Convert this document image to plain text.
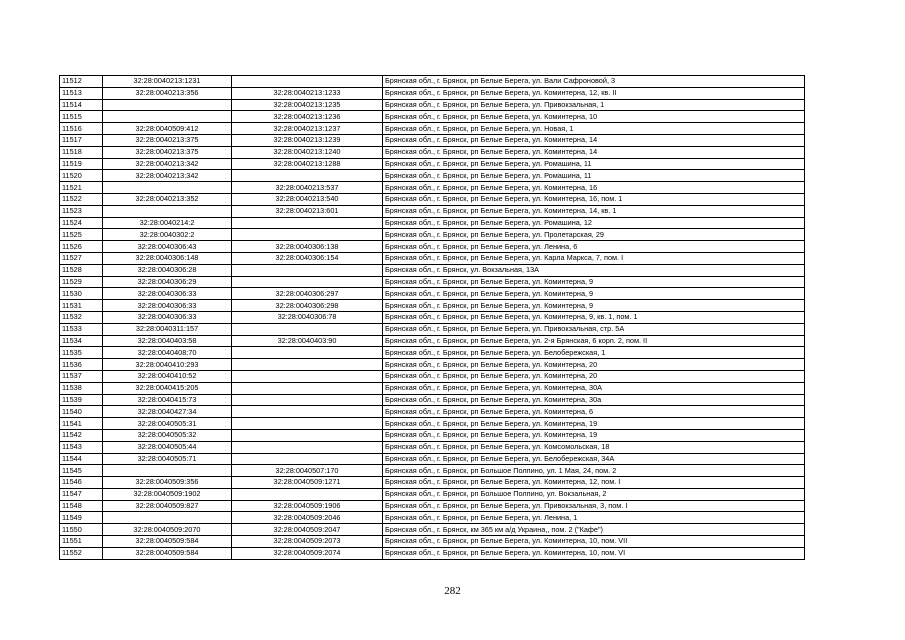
11512	32:28:0040213:1231		Брянская обл., г. Брянск, рп Белые Берега, ул. Вали Сафроновой, 3
11513	32:28:0040213:356	32:28:0040213:1233	Брянская обл., г. Брянск, рп Белые Берега, ул. Коминтерна, 12, кв. II
11514		32:28:0040213:1235	Брянская обл., г. Брянск, рп Белые Берега, ул. Привокзальная, 1
11515		32:28:0040213:1236	Брянская обл., г. Брянск, рп Белые Берега, ул. Коминтерна, 10
11516	32:28:0040509:412	32:28:0040213:1237	Брянская обл., г. Брянск, рп Белые Берега, ул. Новая, 1
11517	32:28:0040213:375	32:28:0040213:1239	Брянская обл., г. Брянск, рп Белые Берега, ул. Коминтерна, 14
11518	32:28:0040213:375	32:28:0040213:1240	Брянская обл., г. Брянск, рп Белые Берега, ул. Коминтерна, 14
11519	32:28:0040213:342	32:28:0040213:1288	Брянская обл., г. Брянск, рп Белые Берега, ул. Ромашина, 11
11520	32:28:0040213:342		Брянская обл., г. Брянск, рп Белые Берега, ул. Ромашина, 11
11521		32:28:0040213:537	Брянская обл., г. Брянск, рп Белые Берега, ул. Коминтерна, 16
11522	32:28:0040213:352	32:28:0040213:540	Брянская обл., г. Брянск, рп Белые Берега, ул. Коминтерна, 16, пом. 1
11523		32:28:0040213:601	Брянская обл., г. Брянск, рп Белые Берега, ул. Коминтерна, 14, кв. 1
11524	32:28:0040214:2		Брянская обл., г. Брянск, рп Белые Берега, ул. Ромашина, 12
11525	32:28:0040302:2		Брянская обл., г. Брянск, рп Белые Берега, ул. Пролетарская, 29
11526	32:28:0040306:43	32:28:0040306:138	Брянская обл., г. Брянск, рп Белые Берега, ул. Ленина, 6
11527	32:28:0040306:148	32:28:0040306:154	Брянская обл., г. Брянск, рп Белые Берега, ул. Карла Маркса, 7, пом. I
11528	32:28:0040306:28		Брянская обл., г. Брянск, ул. Вокзальная, 13А
11529	32:28:0040306:29		Брянская обл., г. Брянск, рп Белые Берега, ул. Коминтерна, 9
11530	32:28:0040306:33	32:28:0040306:297	Брянская обл., г. Брянск, рп Белые Берега, ул. Коминтерна, 9
11531	32:28:0040306:33	32:28:0040306:298	Брянская обл., г. Брянск, рп Белые Берега, ул. Коминтерна, 9
11532	32:28:0040306:33	32:28:0040306:78	Брянская обл., г. Брянск, рп Белые Берега, ул. Коминтерна, 9, кв. 1, пом. 1
11533	32:28:0040311:157		Брянская обл., г. Брянск, рп Белые Берега, ул. Привокзальная, стр. 5А
11534	32:28:0040403:58	32:28:0040403:90	Брянская обл., г. Брянск, рп Белые Берега, ул. 2-я Брянская, 6 корп. 2, пом. II
11535	32:28:0040408:70		Брянская обл., г. Брянск, рп Белые Берега, ул. Белобережская, 1
11536	32:28:0040410:293		Брянская обл., г. Брянск, рп Белые Берега, ул. Коминтерна, 20
11537	32:28:0040410:52		Брянская обл., г. Брянск, рп Белые Берега, ул. Коминтерна, 20
11538	32:28:0040415:205		Брянская обл., г. Брянск, рп Белые Берега, ул. Коминтерна, 30А
11539	32:28:0040415:73		Брянская обл., г. Брянск, рп Белые Берега, ул. Коминтерна, 30а
11540	32:28:0040427:34		Брянская обл., г. Брянск, рп Белые Берега, ул. Коминтерна, 6
11541	32:28:0040505:31		Брянская обл., г. Брянск, рп Белые Берега, ул. Коминтерна, 19
11542	32:28:0040505:32		Брянская обл., г. Брянск, рп Белые Берега, ул. Коминтерна, 19
11543	32:28:0040505:44		Брянская обл., г. Брянск, рп Белые Берега, ул. Комсомольская, 18
11544	32:28:0040505:71		Брянская обл., г. Брянск, рп Белые Берега, ул. Белобережская, 34А
11545		32:28:0040507:170	Брянская обл., г. Брянск, рп Большое Полпино, ул. 1 Мая, 24, пом. 2
11546	32:28:0040509:356	32:28:0040509:1271	Брянская обл., г. Брянск, рп Белые Берега, ул. Коминтерна, 12, пом. I
11547	32:28:0040509:1902		Брянская обл., г. Брянск, рп Большое Полпино, ул. Вокзальная, 2
11548	32:28:0040509:827	32:28:0040509:1906	Брянская обл., г. Брянск, рп Белые Берега, ул. Привокзальная, 3, пом. I
11549		32:28:0040509:2046	Брянская обл., г. Брянск, рп Белые Берега, ул. Ленина, 1
11550	32:28:0040509:2070	32:28:0040509:2047	Брянская обл., г. Брянск, км 365 км а/д Украина,, пом. 2 ("Кафе")
11551	32:28:0040509:584	32:28:0040509:2073	Брянская обл., г. Брянск, рп Белые Берега, ул. Коминтерна, 10, пом. VII
11552	32:28:0040509:584	32:28:0040509:2074	Брянская обл., г. Брянск, рп Белые Берега, ул. Коминтерна, 10, пом. VI
282
